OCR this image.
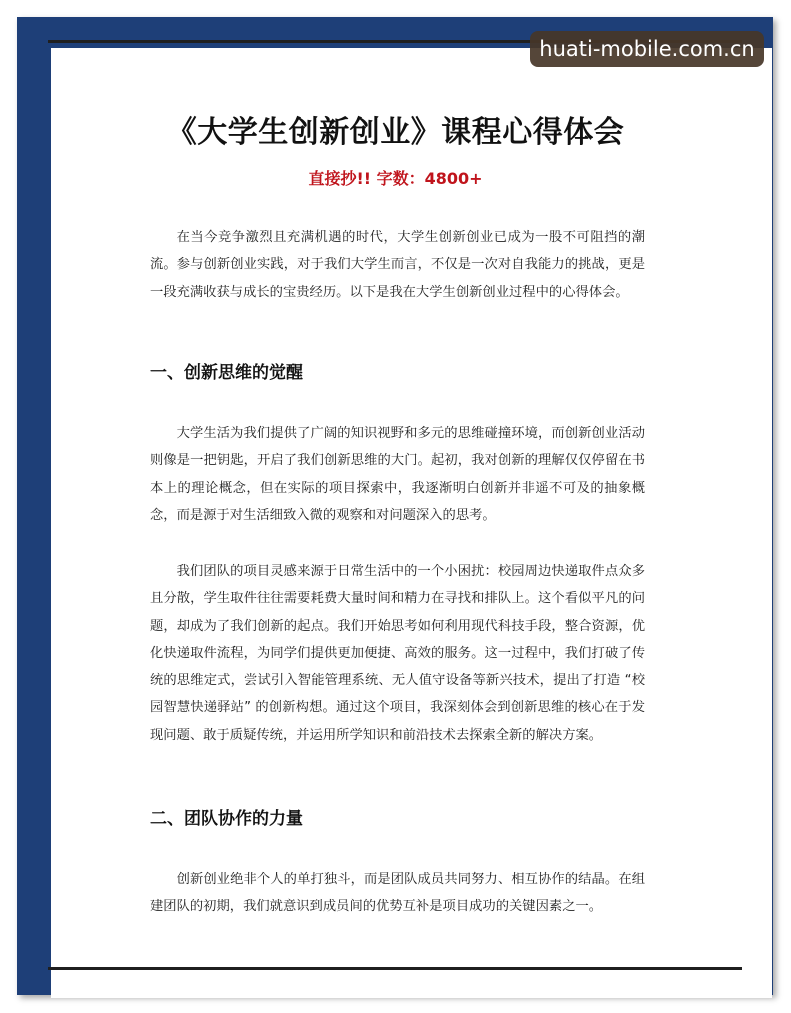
huati-mobile.com.cn
《大学生创新创业》课程心得体会
直接抄!! 字数：4800+

在当今竞争激烈且充满机遇的时代，大学生创新创业已成为一股不可阻挡的潮流。参与创新创业实践，对于我们大学生而言，不仅是一次对自我能力的挑战，更是一段充满收获与成长的宝贵经历。以下是我在大学生创新创业过程中的心得体会。

一、创新思维的觉醒

大学生活为我们提供了广阔的知识视野和多元的思维碰撞环境，而创新创业活动则像是一把钥匙，开启了我们创新思维的大门。起初，我对创新的理解仅仅停留在书本上的理论概念，但在实际的项目探索中，我逐渐明白创新并非遥不可及的抽象概念，而是源于对生活细致入微的观察和对问题深入的思考。

我们团队的项目灵感来源于日常生活中的一个小困扰：校园周边快递取件点众多且分散，学生取件往往需要耗费大量时间和精力在寻找和排队上。这个看似平凡的问题，却成为了我们创新的起点。我们开始思考如何利用现代科技手段，整合资源，优化快递取件流程，为同学们提供更加便捷、高效的服务。这一过程中，我们打破了传统的思维定式，尝试引入智能管理系统、无人值守设备等新兴技术，提出了打造 “校园智慧快递驿站” 的创新构想。通过这个项目，我深刻体会到创新思维的核心在于发现问题、敢于质疑传统，并运用所学知识和前沿技术去探索全新的解决方案。

二、团队协作的力量

创新创业绝非个人的单打独斗，而是团队成员共同努力、相互协作的结晶。在组建团队的初期，我们就意识到成员间的优势互补是项目成功的关键因素之一。
